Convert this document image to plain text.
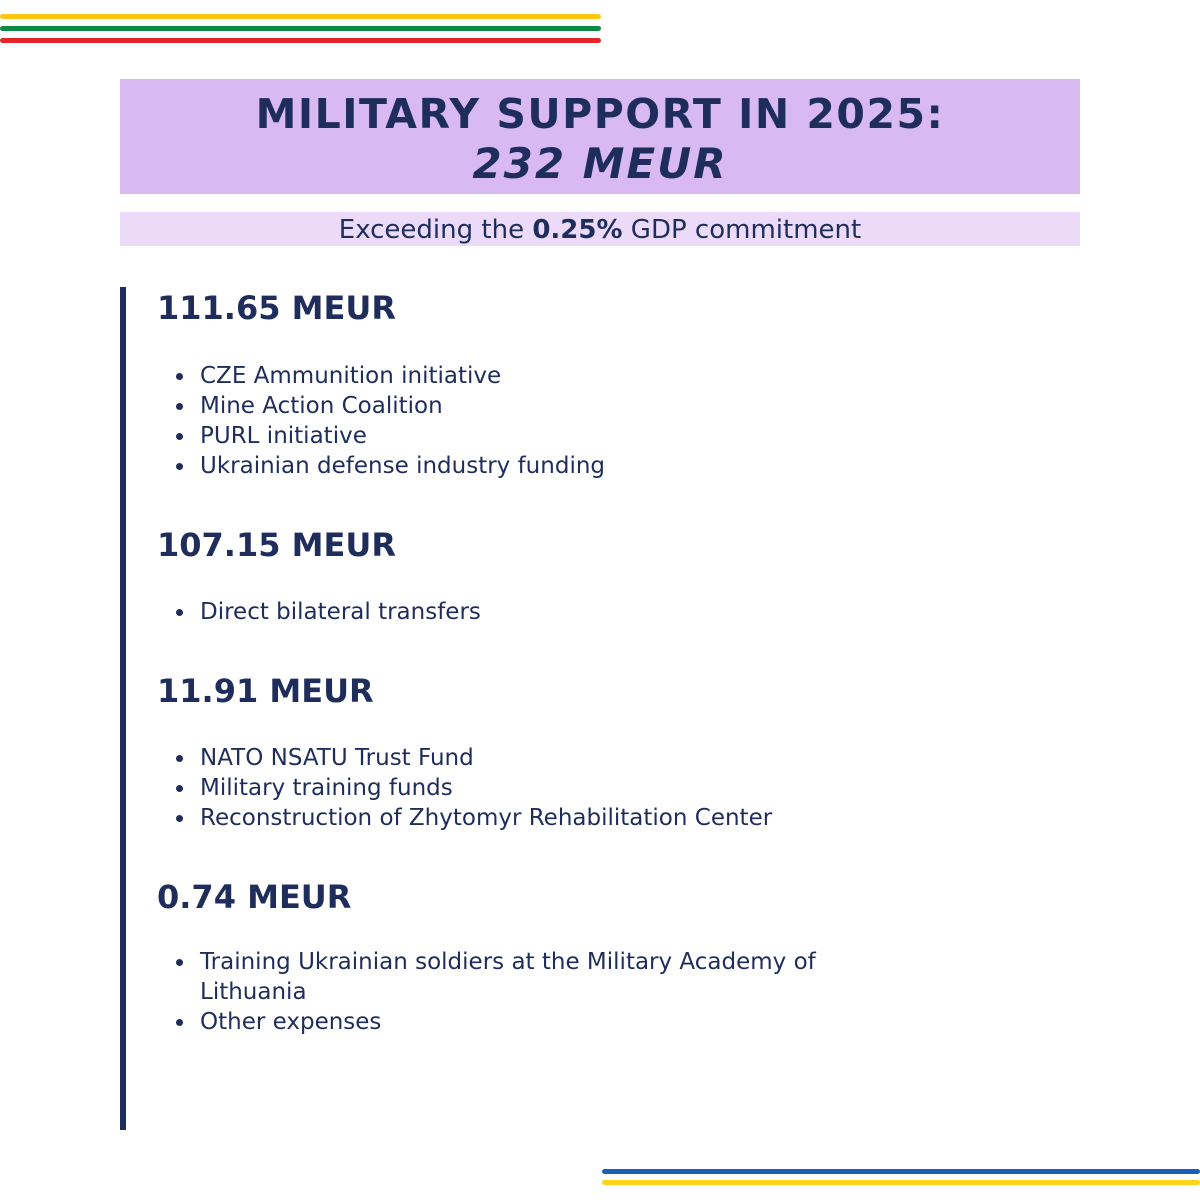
MILITARY SUPPORT IN 2025:
232 MEUR
Exceeding the 0.25% GDP commitment
111.65 MEUR
CZE Ammunition initiative
Mine Action Coalition
PURL initiative
Ukrainian defense industry funding
107.15 MEUR
Direct bilateral transfers
11.91 MEUR
NATO NSATU Trust Fund
Military training funds
Reconstruction of Zhytomyr Rehabilitation Center
0.74 MEUR
Training Ukrainian soldiers at the Military Academy of Lithuania
Other expenses
